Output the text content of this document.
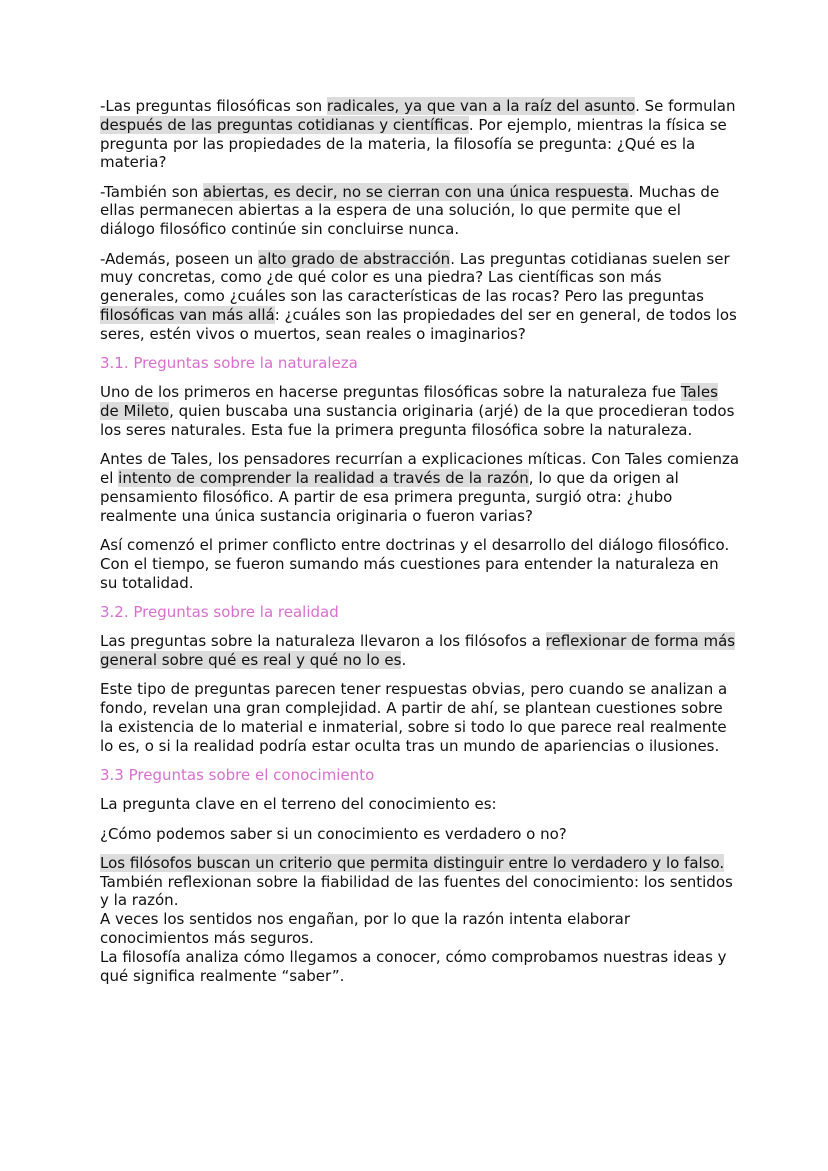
-Las preguntas filosóficas son radicales, ya que van a la raíz del asunto. Se formulan después de las preguntas cotidianas y científicas. Por ejemplo, mientras la física se pregunta por las propiedades de la materia, la filosofía se pregunta: ¿Qué es la materia?

-También son abiertas, es decir, no se cierran con una única respuesta. Muchas de ellas permanecen abiertas a la espera de una solución, lo que permite que el diálogo filosófico continúe sin concluirse nunca.

-Además, poseen un alto grado de abstracción. Las preguntas cotidianas suelen ser muy concretas, como ¿de qué color es una piedra? Las científicas son más generales, como ¿cuáles son las características de las rocas? Pero las preguntas filosóficas van más allá: ¿cuáles son las propiedades del ser en general, de todos los seres, estén vivos o muertos, sean reales o imaginarios?

3.1. Preguntas sobre la naturaleza

Uno de los primeros en hacerse preguntas filosóficas sobre la naturaleza fue Tales de Mileto, quien buscaba una sustancia originaria (arjé) de la que procedieran todos los seres naturales. Esta fue la primera pregunta filosófica sobre la naturaleza.

Antes de Tales, los pensadores recurrían a explicaciones míticas. Con Tales comienza el intento de comprender la realidad a través de la razón, lo que da origen al pensamiento filosófico. A partir de esa primera pregunta, surgió otra: ¿hubo realmente una única sustancia originaria o fueron varias?

Así comenzó el primer conflicto entre doctrinas y el desarrollo del diálogo filosófico. Con el tiempo, se fueron sumando más cuestiones para entender la naturaleza en su totalidad.

3.2. Preguntas sobre la realidad

Las preguntas sobre la naturaleza llevaron a los filósofos a reflexionar de forma más general sobre qué es real y qué no lo es.

Este tipo de preguntas parecen tener respuestas obvias, pero cuando se analizan a fondo, revelan una gran complejidad. A partir de ahí, se plantean cuestiones sobre la existencia de lo material e inmaterial, sobre si todo lo que parece real realmente lo es, o si la realidad podría estar oculta tras un mundo de apariencias o ilusiones.

3.3 Preguntas sobre el conocimiento

La pregunta clave en el terreno del conocimiento es:

¿Cómo podemos saber si un conocimiento es verdadero o no?

Los filósofos buscan un criterio que permita distinguir entre lo verdadero y lo falso.

También reflexionan sobre la fiabilidad de las fuentes del conocimiento: los sentidos y la razón.

A veces los sentidos nos engañan, por lo que la razón intenta elaborar conocimientos más seguros.

La filosofía analiza cómo llegamos a conocer, cómo comprobamos nuestras ideas y qué significa realmente “saber”.
